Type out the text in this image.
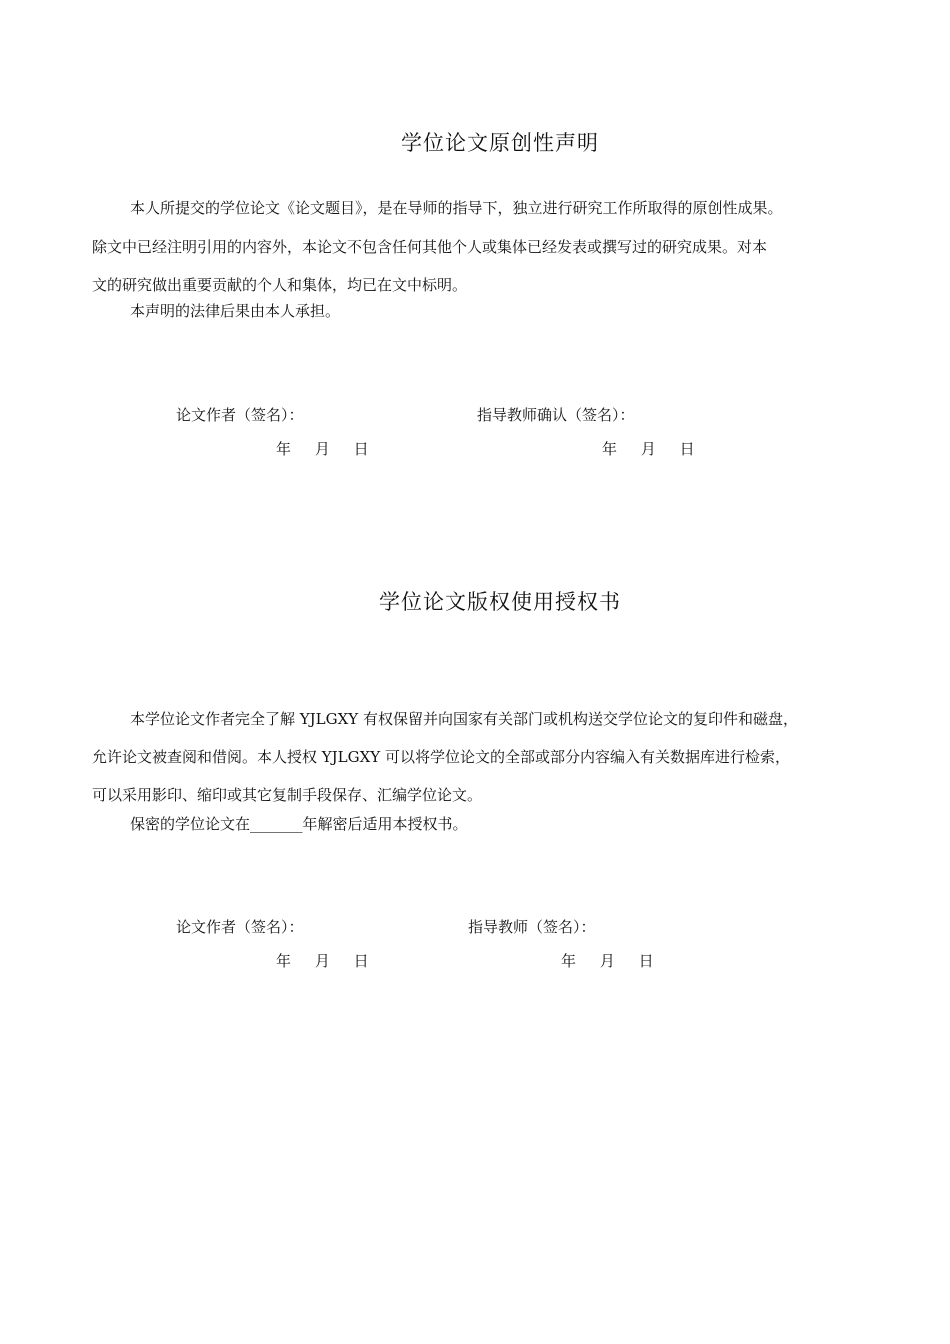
学位论文原创性声明
本人所提交的学位论文《论文题目》，是在导师的指导下，独立进行研究工作所取得的原创性成果。
除文中已经注明引用的内容外，本论文不包含任何其他个人或集体已经发表或撰写过的研究成果。对本
文的研究做出重要贡献的个人和集体，均已在文中标明。
本声明的法律后果由本人承担。
论文作者（签名）：	指导教师确认（签名）：
年     月     日	年     月     日
学位论文版权使用授权书
本学位论文作者完全了解 YJLGXY 有权保留并向国家有关部门或机构送交学位论文的复印件和磁盘，
允许论文被查阅和借阅。本人授权 YJLGXY 可以将学位论文的全部或部分内容编入有关数据库进行检索，
可以采用影印、缩印或其它复制手段保存、汇编学位论文。
保密的学位论文在_______年解密后适用本授权书。
论文作者（签名）：	指导教师（签名）：
年     月     日	年     月     日
